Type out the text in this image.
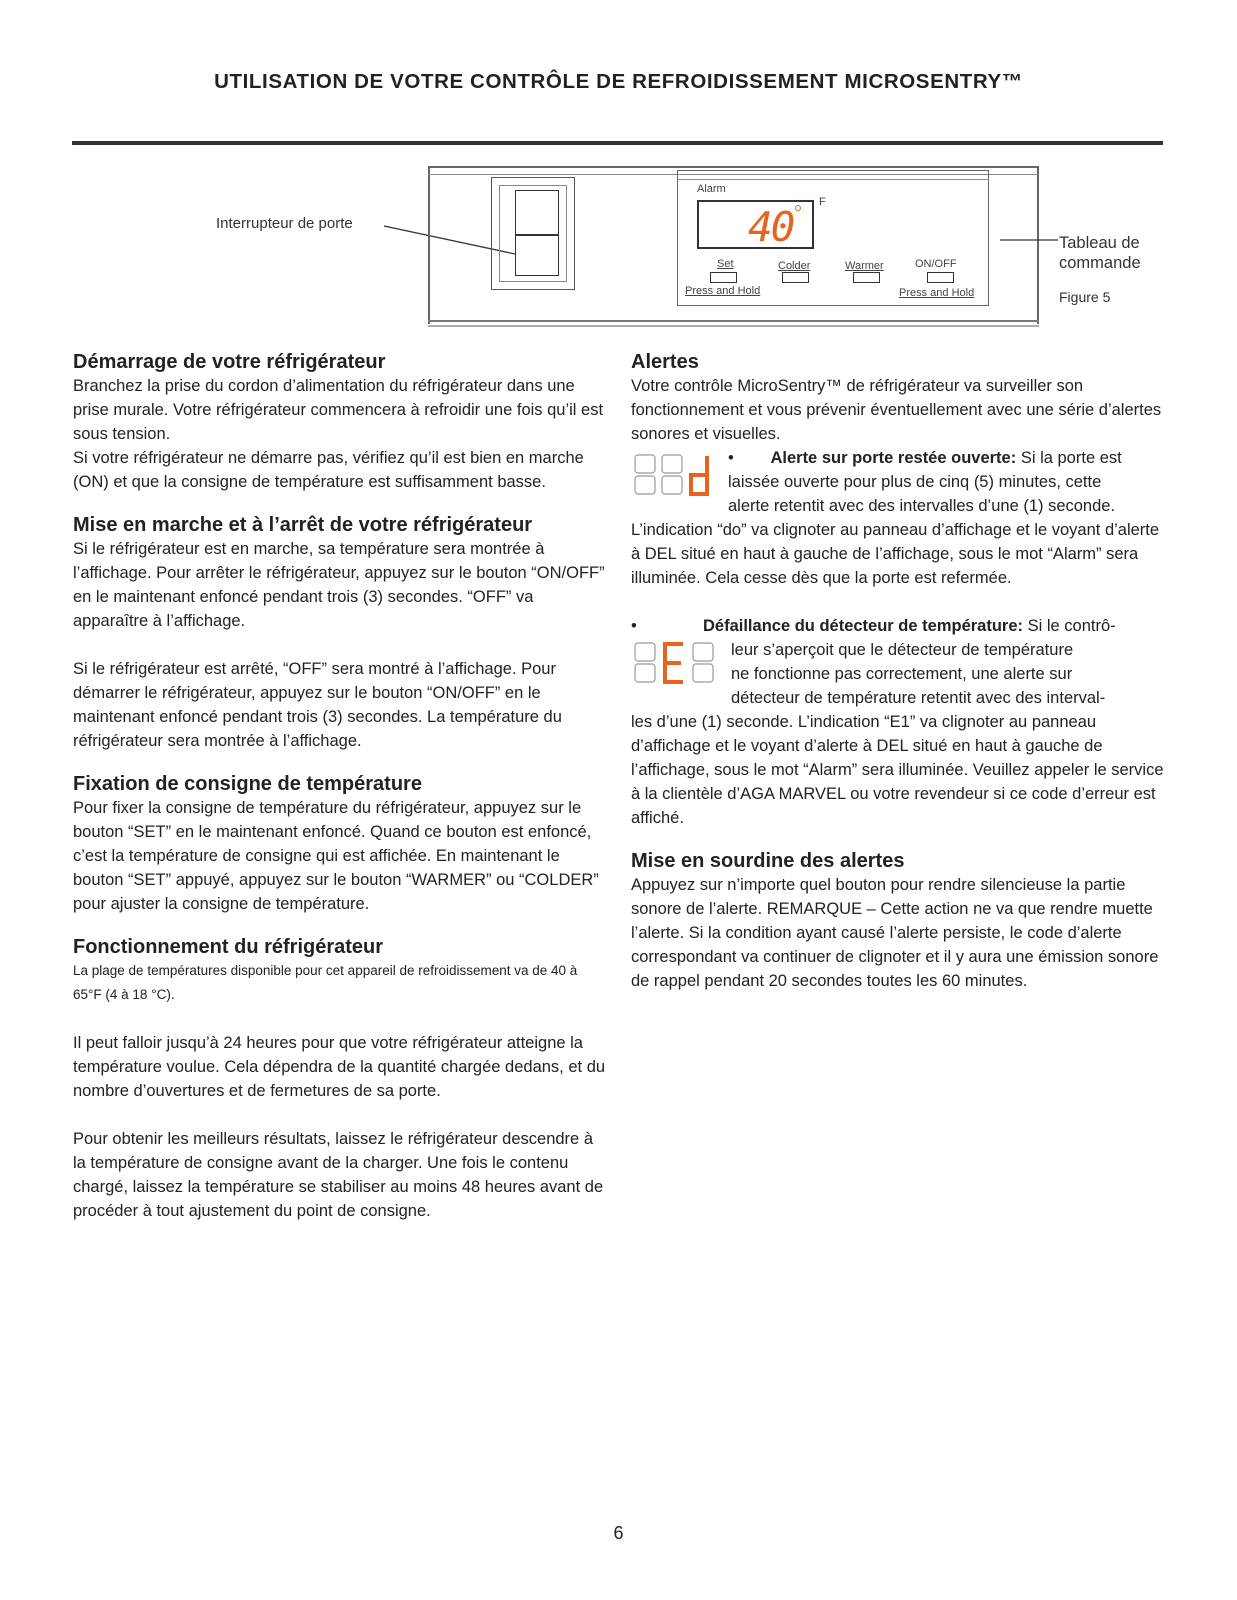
UTILISATION DE VOTRE CONTRÔLE DE REFROIDISSEMENT MICROSENTRY™
Interrupteur de porte
Alarm
40
F
Set	Colder	Warmer	ON/OFF
Press and Hold	Press and Hold
Tableau de
commande
Figure 5
Démarrage de votre réfrigérateur

Branchez la prise du cordon d’alimentation du réfrigérateur dans une prise murale. Votre réfrigérateur commencera à refroidir une fois qu’il est sous tension.

Si votre réfrigérateur ne démarre pas, vérifiez qu’il est bien en marche (ON) et que la consigne de température est suffisamment basse.

Mise en marche et à l’arrêt de votre réfrigérateur

Si le réfrigérateur est en marche, sa température sera montrée à l’affichage. Pour arrêter le réfrigérateur, appuyez sur le bouton “ON/OFF” en le maintenant enfoncé pendant trois (3) secondes. “OFF” va apparaître à l’affichage.

Si le réfrigérateur est arrêté, “OFF” sera montré à l’affichage. Pour démarrer le réfrigérateur, appuyez sur le bouton “ON/OFF” en le maintenant enfoncé pendant trois (3) secondes. La température du réfrigérateur sera montrée à l’affichage.

Fixation de consigne de température

Pour fixer la consigne de température du réfrigérateur, appuyez sur le bouton “SET” en le maintenant enfoncé. Quand ce bouton est enfoncé, c’est la température de consigne qui est affichée. En maintenant le bouton “SET” appuyé, appuyez sur le bouton “WARMER” ou “COLDER” pour ajuster la consigne de température.

Fonctionnement du réfrigérateur

La plage de températures disponible pour cet appareil de refroidissement va de 40 à 65°F (4 à 18 °C).

Il peut falloir jusqu’à 24 heures pour que votre réfrigérateur atteigne la température voulue. Cela dépendra de la quantité chargée dedans, et du nombre d’ouvertures et de fermetures de sa porte.

Pour obtenir les meilleurs résultats, laissez le réfrigérateur descendre à la température de consigne avant de la charger. Une fois le contenu chargé, laissez la température se stabiliser au moins 48 heures avant de procéder à tout ajustement du point de consigne.

Alertes

Votre contrôle MicroSentry™ de réfrigérateur va surveiller son fonctionnement et vous prévenir éventuellement avec une série d’alertes sonores et visuelles.

• Alerte sur porte restée ouverte: Si la porte est
laissée ouverte pour plus de cinq (5) minutes, cette
alerte retentit avec des intervalles d’une (1) seconde.

L’indication “do” va clignoter au panneau d’affichage et le voyant d’alerte à DEL situé en haut à gauche de l’affichage, sous le mot “Alarm” sera illuminée. Cela cesse dès que la porte est refermée.

•	Défaillance du détecteur de température: Si le contrô-
leur s’aperçoit que le détecteur de température
ne fonctionne pas correctement, une alerte sur
détecteur de température retentit avec des interval-

les d’une (1) seconde. L’indication “E1” va clignoter au panneau d’affichage et le voyant d’alerte à DEL situé en haut à gauche de l’affichage, sous le mot “Alarm” sera illuminée. Veuillez appeler le service à la clientèle d’AGA MARVEL ou votre revendeur si ce code d’erreur est affiché.

Mise en sourdine des alertes

Appuyez sur n’importe quel bouton pour rendre silencieuse la partie sonore de l’alerte. REMARQUE – Cette action ne va que rendre muette l’alerte. Si la condition ayant causé l’alerte persiste, le code d’alerte correspondant va continuer de clignoter et il y aura une émission sonore de rappel pendant 20 secondes toutes les 60 minutes.

6
